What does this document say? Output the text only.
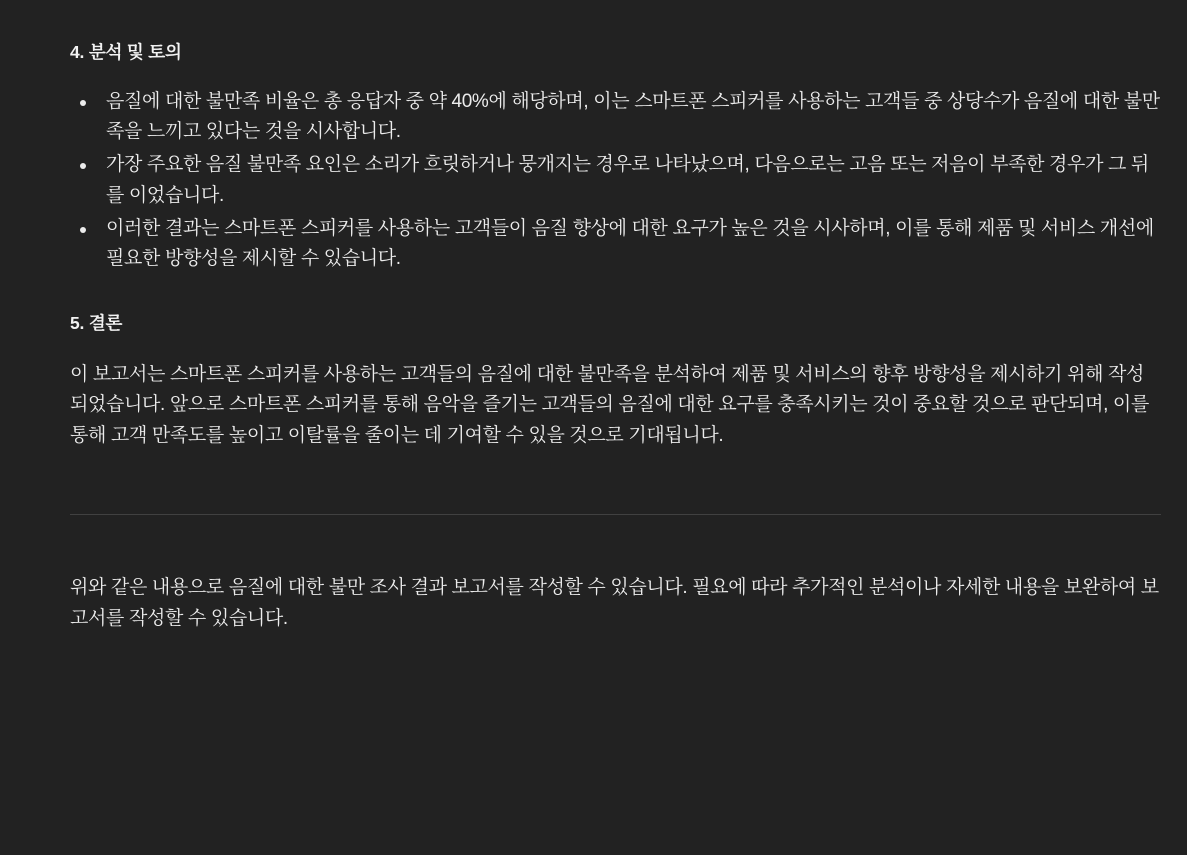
4. 분석 및 토의
음질에 대한 불만족 비율은 총 응답자 중 약 40%에 해당하며, 이는 스마트폰 스피커를 사용하는 고객들 중 상당수가 음질에 대한 불만족을 느끼고 있다는 것을 시사합니다.
가장 주요한 음질 불만족 요인은 소리가 흐릿하거나 뭉개지는 경우로 나타났으며, 다음으로는 고음 또는 저음이 부족한 경우가 그 뒤를 이었습니다.
이러한 결과는 스마트폰 스피커를 사용하는 고객들이 음질 향상에 대한 요구가 높은 것을 시사하며, 이를 통해 제품 및 서비스 개선에 필요한 방향성을 제시할 수 있습니다.
5. 결론

이 보고서는 스마트폰 스피커를 사용하는 고객들의 음질에 대한 불만족을 분석하여 제품 및 서비스의 향후 방향성을 제시하기 위해 작성되었습니다. 앞으로 스마트폰 스피커를 통해 음악을 즐기는 고객들의 음질에 대한 요구를 충족시키는 것이 중요할 것으로 판단되며, 이를 통해 고객 만족도를 높이고 이탈률을 줄이는 데 기여할 수 있을 것으로 기대됩니다.

위와 같은 내용으로 음질에 대한 불만 조사 결과 보고서를 작성할 수 있습니다. 필요에 따라 추가적인 분석이나 자세한 내용을 보완하여 보고서를 작성할 수 있습니다.
